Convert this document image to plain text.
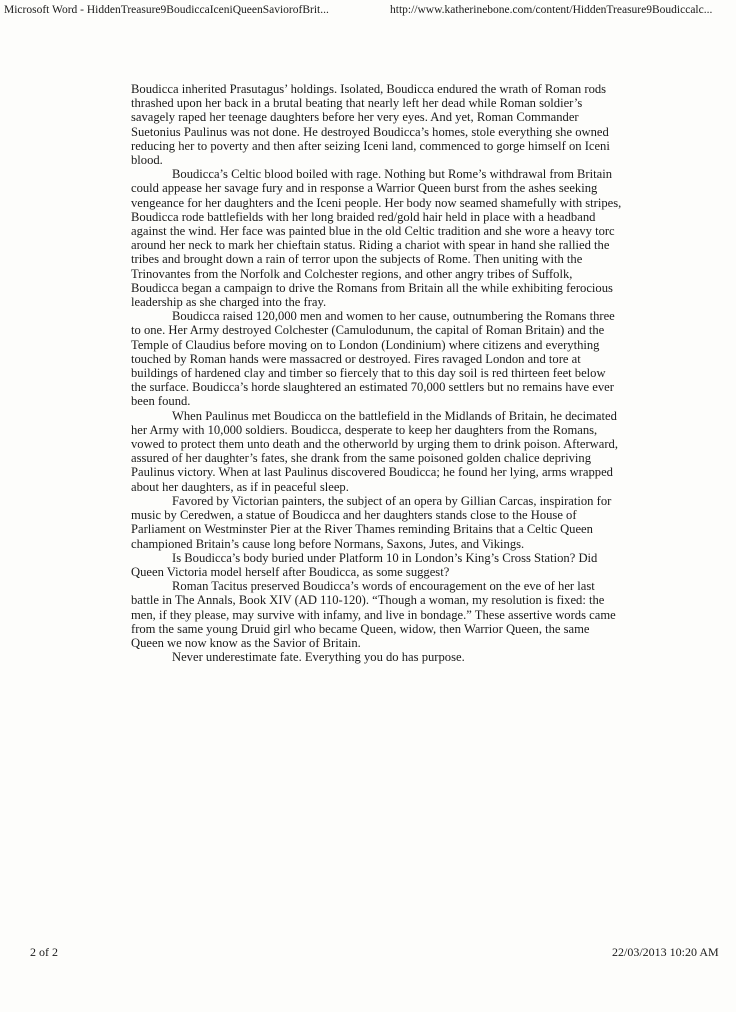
Microsoft Word - HiddenTreasure9BoudiccaIceniQueenSaviorofBrit...	http://www.katherinebone.com/content/HiddenTreasure9Boudiccalc...

Boudicca inherited Prasutagus’ holdings. Isolated, Boudicca endured the wrath of Roman rods thrashed upon her back in a brutal beating that nearly left her dead while Roman soldier’s savagely raped her teenage daughters before her very eyes. And yet, Roman Commander Suetonius Paulinus was not done. He destroyed Boudicca’s homes, stole everything she owned reducing her to poverty and then after seizing Iceni land, commenced to gorge himself on Iceni blood.

Boudicca’s Celtic blood boiled with rage. Nothing but Rome’s withdrawal from Britain could appease her savage fury and in response a Warrior Queen burst from the ashes seeking vengeance for her daughters and the Iceni people. Her body now seamed shamefully with stripes, Boudicca rode battlefields with her long braided red/gold hair held in place with a headband against the wind. Her face was painted blue in the old Celtic tradition and she wore a heavy torc around her neck to mark her chieftain status. Riding a chariot with spear in hand she rallied the tribes and brought down a rain of terror upon the subjects of Rome. Then uniting with the Trinovantes from the Norfolk and Colchester regions, and other angry tribes of Suffolk, Boudicca began a campaign to drive the Romans from Britain all the while exhibiting ferocious leadership as she charged into the fray.

Boudicca raised 120,000 men and women to her cause, outnumbering the Romans three to one. Her Army destroyed Colchester (Camulodunum, the capital of Roman Britain) and the Temple of Claudius before moving on to London (Londinium) where citizens and everything touched by Roman hands were massacred or destroyed. Fires ravaged London and tore at buildings of hardened clay and timber so fiercely that to this day soil is red thirteen feet below the surface. Boudicca’s horde slaughtered an estimated 70,000 settlers but no remains have ever been found.

When Paulinus met Boudicca on the battlefield in the Midlands of Britain, he decimated her Army with 10,000 soldiers. Boudicca, desperate to keep her daughters from the Romans, vowed to protect them unto death and the otherworld by urging them to drink poison. Afterward, assured of her daughter’s fates, she drank from the same poisoned golden chalice depriving Paulinus victory. When at last Paulinus discovered Boudicca; he found her lying, arms wrapped about her daughters, as if in peaceful sleep.

Favored by Victorian painters, the subject of an opera by Gillian Carcas, inspiration for music by Ceredwen, a statue of Boudicca and her daughters stands close to the House of Parliament on Westminster Pier at the River Thames reminding Britains that a Celtic Queen championed Britain’s cause long before Normans, Saxons, Jutes, and Vikings.

Is Boudicca’s body buried under Platform 10 in London’s King’s Cross Station? Did Queen Victoria model herself after Boudicca, as some suggest?

Roman Tacitus preserved Boudicca’s words of encouragement on the eve of her last battle in The Annals, Book XIV (AD 110-120). “Though a woman, my resolution is fixed: the men, if they please, may survive with infamy, and live in bondage.” These assertive words came from the same young Druid girl who became Queen, widow, then Warrior Queen, the same Queen we now know as the Savior of Britain.

Never underestimate fate. Everything you do has purpose.

2 of 2	22/03/2013 10:20 AM
